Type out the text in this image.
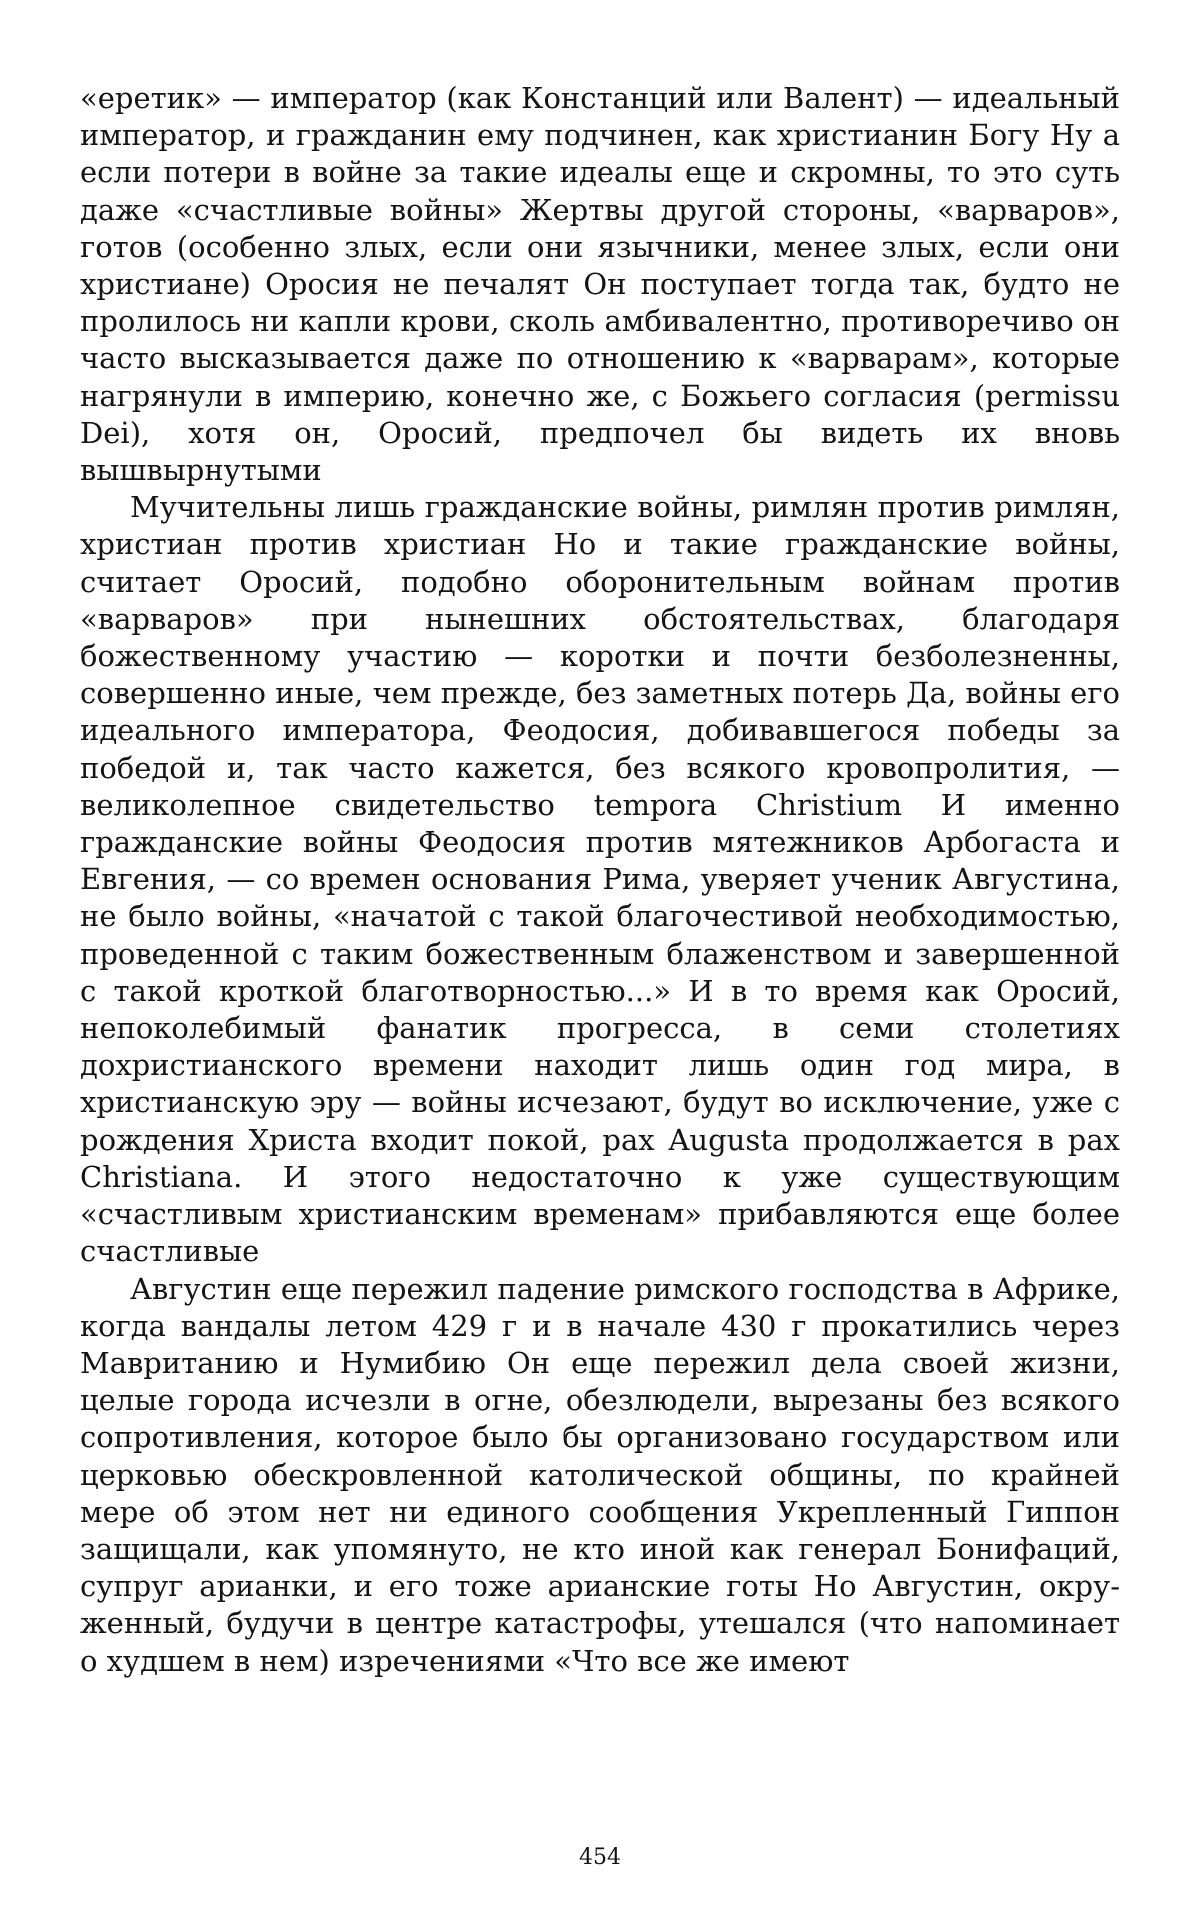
«еретик» — император (как Констанций или Валент) — идеальный император, и гражданин ему подчинен, как христианин Богу Ну а если потери в войне за такие идеалы еще и скромны, то это суть даже «счастливые войны» Жертвы другой стороны, «варваров», готов (особенно злых, если они язычники, менее злых, если они христиане) Оросия не печалят Он поступает тогда так, будто не пролилось ни капли крови, сколь амбивалентно, противоречиво он часто высказывается даже по отношению к «варварам», которые нагрянули в империю, конечно же, с Божьего согласия (permissu Dei), хотя он, Оросий, предпочел бы видеть их вновь вышвырнутыми

Мучительны лишь гражданские войны, римлян против римлян, христиан против христиан Но и такие гражданские войны, считает Оросий, подобно оборонительным войнам против «варваров» при нынешних обстоятельствах, благодаря божественному участию — коротки и почти безболезненны, совершенно иные, чем прежде, без заметных потерь Да, войны его идеального императора, Феодосия, добивавшегося победы за победой и, так часто кажется, без всякого кровопролития, — великолепное свидетельство tempora Christium И именно гражданские войны Феодосия против мятежников Арбогаста и Евгения, — со времен основания Рима, уверяет ученик Августина, не было войны, «начатой с такой благочестивой необходимостью, проведенной с таким божественным блаженством и завершенной с такой кроткой благотворностью...» И в то время как Оросий, непоколебимый фанатик прогресса, в семи столетиях дохристианского времени находит лишь один год мира, в христианскую эру — войны исчезают, будут во исключение, уже с рождения Христа входит покой, pax Augusta продолжается в pax Christiana. И этого недостаточно к уже существующим «счастливым христианским временам» прибавляются еще более счастливые

Августин еще пережил падение римского господства в Африке, когда вандалы летом 429 г и в начале 430 г прокатились через Мавританию и Нумибию Он еще пережил дела своей жизни, целые города исчезли в огне, обезлюдели, вырезаны без всякого сопротивления, которое было бы организовано государством или церковью обескровленной католической общины, по крайней мере об этом нет ни единого сообщения Укрепленный Гиппон защищали, как упомянуто, не кто иной как генерал Бонифаций, супруг арианки, и его тоже арианские готы Но Августин, окруженный, будучи в центре катастрофы, утешался (что напоминает о худшем в нем) изречениями «Что все же имеют

454
